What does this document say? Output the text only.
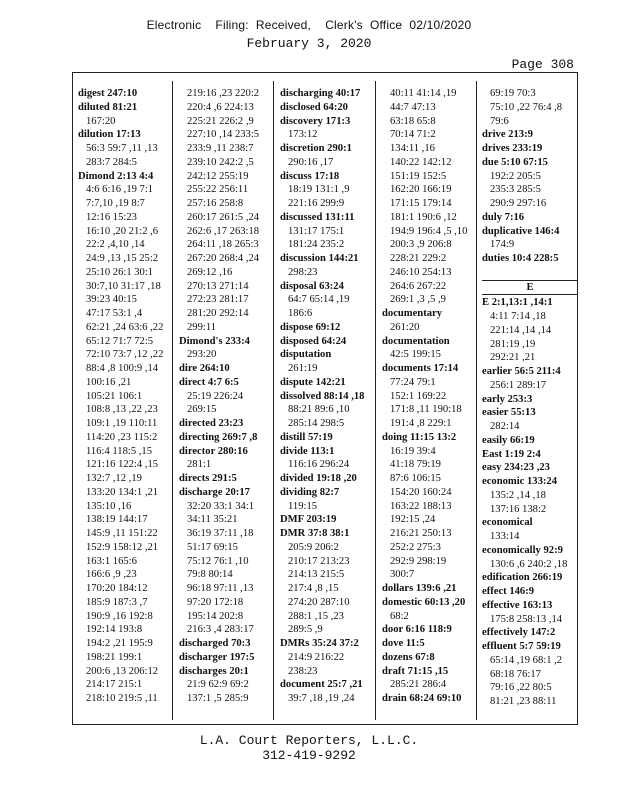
Electronic    Filing:  Received,    Clerk's  Office  02/10/2020
February 3, 2020
Page 308
digest 247:10
diluted 81:21
167:20
dilution 17:13
56:3 59:7 ,11 ,13
283:7 284:5
Dimond 2:13 4:4
4:6 6:16 ,19 7:1
7:7,10 ,19 8:7
12:16 15:23
16:10 ,20 21:2 ,6
22:2 ,4,10 ,14
24:9 ,13 ,15 25:2
25:10 26:1 30:1
30:7,10 31:17 ,18
39:23 40:15
47:17 53:1 ,4
62:21 ,24 63:6 ,22
65:12 71:7 72:5
72:10 73:7 ,12 ,22
88:4 ,8 100:9 ,14
100:16 ,21
105:21 106:1
108:8 ,13 ,22 ,23
109:1 ,19 110:11
114:20 ,23 115:2
116:4 118:5 ,15
121:16 122:4 ,15
132:7 ,12 ,19
133:20 134:1 ,21
135:10 ,16
138:19 144:17
145:9 ,11 151:22
152:9 158:12 ,21
163:1 165:6
166:6 ,9 ,23
170:20 184:12
185:9 187:3 ,7
190:9 ,16 192:8
192:14 193:8
194:2 ,21 195:9
198:21 199:1
200:6 ,13 206:12
214:17 215:1
218:10 219:5 ,11
219:16 ,23 220:2
220:4 ,6 224:13
225:21 226:2 ,9
227:10 ,14 233:5
233:9 ,11 238:7
239:10 242:2 ,5
242:12 255:19
255:22 256:11
257:16 258:8
260:17 261:5 ,24
262:6 ,17 263:18
264:11 ,18 265:3
267:20 268:4 ,24
269:12 ,16
270:13 271:14
272:23 281:17
281:20 292:14
299:11
Dimond's 233:4
293:20
dire 264:10
direct 4:7 6:5
25:19 226:24
269:15
directed 23:23
directing 269:7 ,8
director 280:16
281:1
directs 291:5
discharge 20:17
32:20 33:1 34:1
34:11 35:21
36:19 37:11 ,18
51:17 69:15
75:12 76:1 ,10
79:8 80:14
96:18 97:11 ,13
97:20 172:18
195:14 202:8
216:3 ,4 283:17
discharged 70:3
discharger 197:5
discharges 20:1
21:9 62:9 69:2
137:1 ,5 285:9
discharging 40:17
disclosed 64:20
discovery 171:3
173:12
discretion 290:1
290:16 ,17
discuss 17:18
18:19 131:1 ,9
221:16 299:9
discussed 131:11
131:17 175:1
181:24 235:2
discussion 144:21
298:23
disposal 63:24
64:7 65:14 ,19
186:6
dispose 69:12
disposed 64:24
disputation
261:19
dispute 142:21
dissolved 88:14 ,18
88:21 89:6 ,10
285:14 298:5
distill 57:19
divide 113:1
116:16 296:24
divided 19:18 ,20
dividing 82:7
119:15
DMF 203:19
DMR 37:8 38:1
205:9 206:2
210:17 213:23
214:13 215:5
217:4 ,8 ,15
274:20 287:10
288:1 ,15 ,23
289:5 ,9
DMRs 35:24 37:2
214:9 216:22
238:23
document 25:7 ,21
39:7 ,18 ,19 ,24
40:11 41:14 ,19
44:7 47:13
63:18 65:8
70:14 71:2
134:11 ,16
140:22 142:12
151:19 152:5
162:20 166:19
171:15 179:14
181:1 190:6 ,12
194:9 196:4 ,5 ,10
200:3 ,9 206:8
228:21 229:2
246:10 254:13
264:6 267:22
269:1 ,3 ,5 ,9
documentary
261:20
documentation
42:5 199:15
documents 17:14
77:24 79:1
152:1 169:22
171:8 ,11 190:18
191:4 ,8 229:1
doing 11:15 13:2
16:19 39:4
41:18 79:19
87:6 106:15
154:20 160:24
163:22 188:13
192:15 ,24
216:21 250:13
252:2 275:3
292:9 298:19
300:7
dollars 139:6 ,21
domestic 60:13 ,20
68:2
door 6:16 118:9
dove 11:5
dozens 67:8
draft 71:15 ,15
285:21 286:4
drain 68:24 69:10
69:19 70:3
75:10 ,22 76:4 ,8
79:6
drive 213:9
drives 233:19
due 5:10 67:15
192:2 205:5
235:3 285:5
290:9 297:16
duly 7:16
duplicative 146:4
174:9
duties 10:4 228:5
E
E 2:1,13:1 ,14:1
4:11 7:14 ,18
221:14 ,14 ,14
281:19 ,19
292:21 ,21
earlier 56:5 211:4
256:1 289:17
early 253:3
easier 55:13
282:14
easily 66:19
East 1:19 2:4
easy 234:23 ,23
economic 133:24
135:2 ,14 ,18
137:16 138:2
economical
133:14
economically 92:9
130:6 ,6 240:2 ,18
edification 266:19
effect 146:9
effective 163:13
175:8 258:13 ,14
effectively 147:2
effluent 5:7 59:19
65:14 ,19 68:1 ,2
68:18 76:17
79:16 ,22 80:5
81:21 ,23 88:11
L.A. Court Reporters, L.L.C.
312-419-9292
